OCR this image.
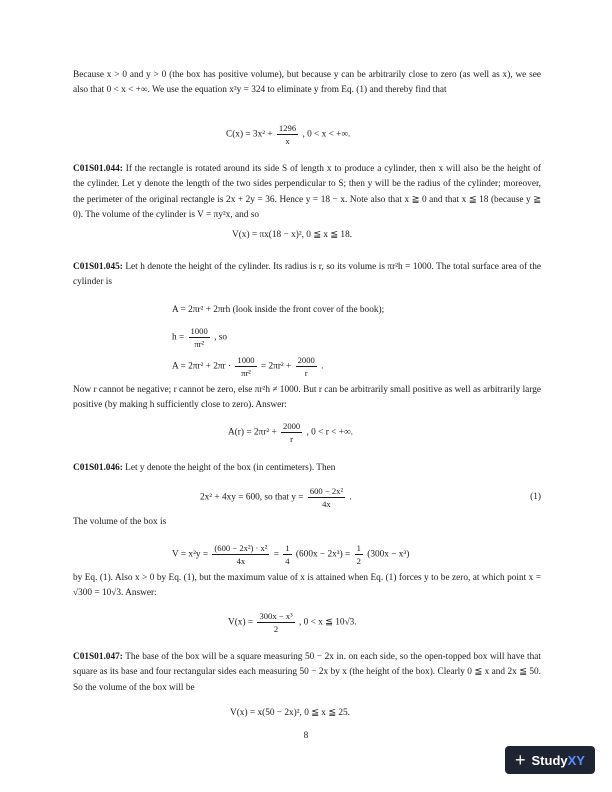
Because x > 0 and y > 0 (the box has positive volume), but because y can be arbitrarily close to zero (as well as x), we see also that 0 < x < +∞. We use the equation x²y = 324 to eliminate y from Eq. (1) and thereby find that
$C(x) = 3x^2 + \frac{1296}{x}$ , 0 < x < +∞.
C01S01.044: If the rectangle is rotated around its side S of length x to produce a cylinder, then x will also be the height of the cylinder. Let y denote the length of the two sides perpendicular to S; then y will be the radius of the cylinder; moreover, the perimeter of the original rectangle is 2x + 2y = 36. Hence y = 18 − x. Note also that x ≧ 0 and that x ≦ 18 (because y ≧ 0). The volume of the cylinder is V = πy²x, and so
V(x) = πx(18 − x)², 0 ≦ x ≦ 18.
C01S01.045: Let h denote the height of the cylinder. Its radius is r, so its volume is πr²h = 1000. The total surface area of the cylinder is
A = 2πr² + 2πrh (look inside the front cover of the book);
$h = \frac{1000}{\text{πr²}}$ , so
$A = 2\pi r^2 + 2\pi r \cdot \frac{1000}{\text{πr²}} = 2\pi r^2 + \frac{2000}{r}$ .
Now r cannot be negative; r cannot be zero, else πr²h ≠ 1000. But r can be arbitrarily small positive as well as arbitrarily large positive (by making h sufficiently close to zero). Answer:
$A(r) = 2\pi r^2 + \frac{2000}{r}$ , 0 < r < +∞.
C01S01.046: Let y denote the height of the box (in centimeters). Then
2x² + 4xy = 600, so that $y = \frac{\text{600 − 2x²}}{4x}$ .	(1)
The volume of the box is
$V = x^2y = \frac{\text{(600 − 2x²) · x²}}{4x} = \frac{1}{4} (600x - 2x^3) = \frac{1}{2} (300x - x^3)$
by Eq. (1). Also x > 0 by Eq. (1), but the maximum value of x is attained when Eq. (1) forces y to be zero, at which point x = √300 = 10√3. Answer:
$V(x) = \frac{\text{300x − x³}}{2}$ , 0 < x ≦ 10√3.
C01S01.047: The base of the box will be a square measuring 50 − 2x in. on each side, so the open-topped box will have that square as its base and four rectangular sides each measuring 50 − 2x by x (the height of the box). Clearly 0 ≦ x and 2x ≦ 50. So the volume of the box will be
V(x) = x(50 − 2x)², 0 ≦ x ≦ 25.
8
+ StudyXY
